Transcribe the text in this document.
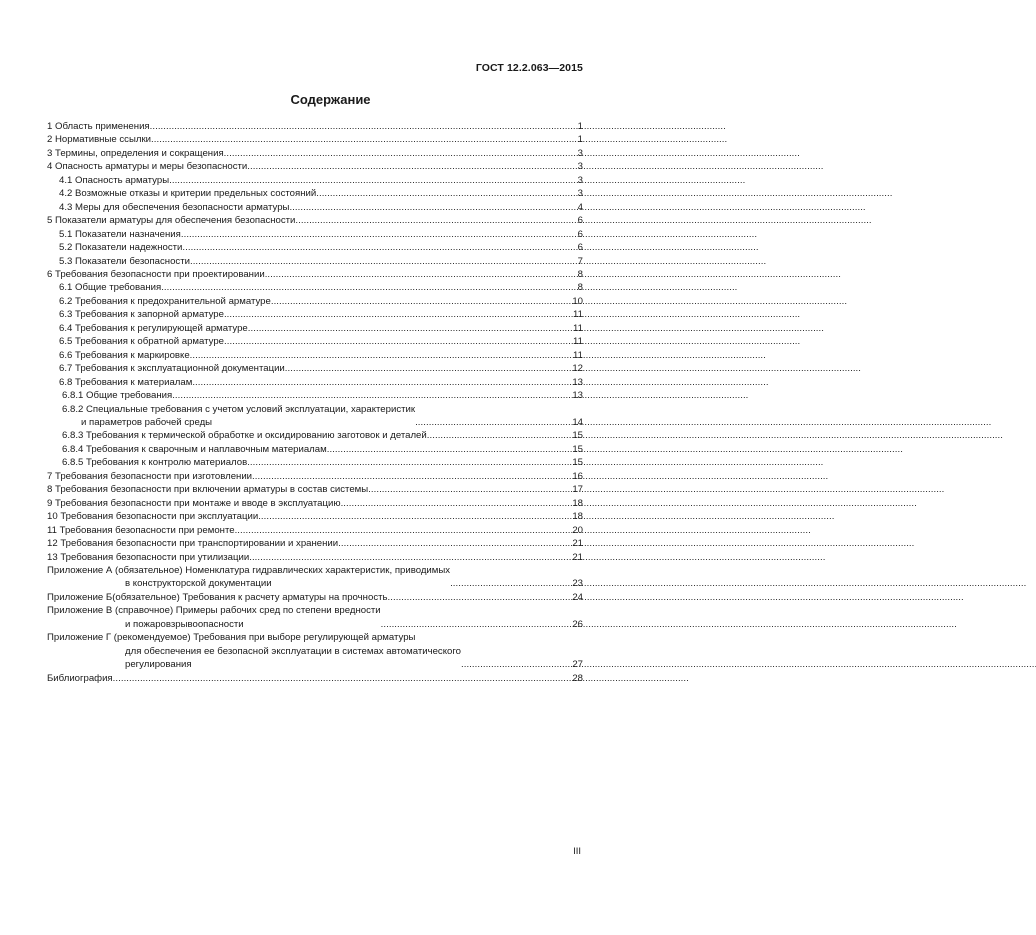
ГОСТ 12.2.063—2015
Содержание
1 Область применения . . .	1
2 Нормативные ссылки . . .	1
3 Термины, определения и сокращения . . .	3
4 Опасность арматуры и меры безопасности . . .	3
4.1 Опасность арматуры . . .	3
4.2 Возможные отказы и критерии предельных состояний . . .	3
4.3 Меры для обеспечения безопасности арматуры . . .	4
5 Показатели арматуры для обеспечения безопасности . . .	6
5.1 Показатели назначения . . .	6
5.2 Показатели надежности . . .	6
5.3 Показатели безопасности . . .	7
6 Требования безопасности при проектировании . . .	8
6.1 Общие требования . . .	8
6.2 Требования к предохранительной арматуре . . .	10
6.3 Требования к запорной арматуре . . .	11
6.4 Требования к регулирующей арматуре . . .	11
6.5 Требования к обратной арматуре . . .	11
6.6 Требования к маркировке . . .	11
6.7 Требования к эксплуатационной документации . . .	12
6.8 Требования к материалам . . .	13
6.8.1 Общие требования . . .	13
6.8.2 Специальные требования с учетом условий эксплуатации, характеристик
и параметров рабочей среды . . .	14
6.8.3 Требования к термической обработке и оксидированию заготовок и деталей . . .	15
6.8.4 Требования к сварочным и наплавочным материалам . . .	15
6.8.5 Требования к контролю материалов . . .	15
7 Требования безопасности при изготовлении . . .	16
8 Требования безопасности при включении арматуры в состав системы . . .	17
9 Требования безопасности при монтаже и вводе в эксплуатацию . . .	18
10 Требования безопасности при эксплуатации . . .	18
11 Требования безопасности при ремонте . . .	20
12 Требования безопасности при транспортировании и хранении . . .	21
13 Требования безопасности при утилизации . . .	21
Приложение А (обязательное) Номенклатура гидравлических характеристик, приводимых
в конструкторской документации . . .	23
Приложение Б(обязательное) Требования к расчету арматуры на прочность . . .	24
Приложение В (справочное) Примеры рабочих сред по степени вредности
и пожаровзрывоопасности . . .	26
Приложение Г (рекомендуемое) Требования при выборе регулирующей арматуры
для обеспечения ее безопасной эксплуатации в системах автоматического
регулирования . . .	27
Библиография . . .	28
III
